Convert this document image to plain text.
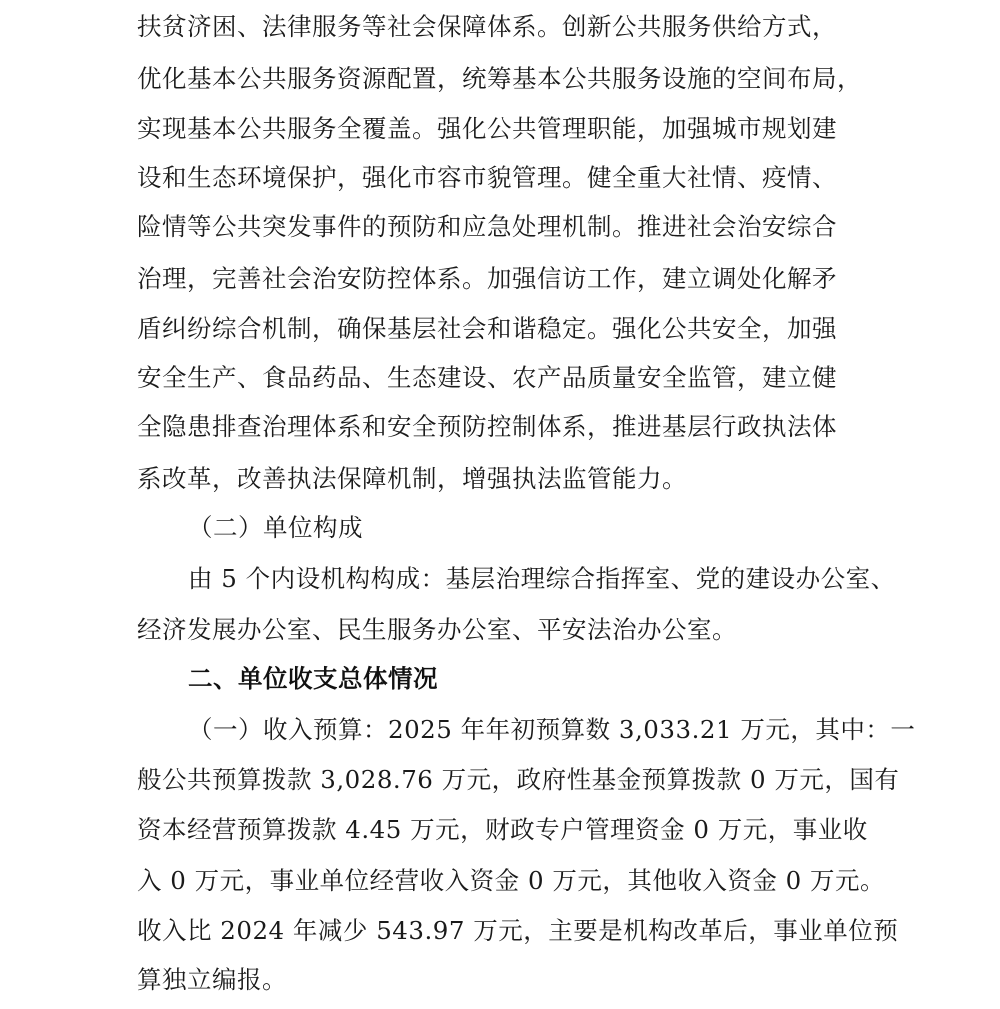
扶贫济困、法律服务等社会保障体系。创新公共服务供给方式，
优化基本公共服务资源配置，统筹基本公共服务设施的空间布局，
实现基本公共服务全覆盖。强化公共管理职能，加强城市规划建
设和生态环境保护，强化市容市貌管理。健全重大社情、疫情、
险情等公共突发事件的预防和应急处理机制。推进社会治安综合
治理，完善社会治安防控体系。加强信访工作，建立调处化解矛
盾纠纷综合机制，确保基层社会和谐稳定。强化公共安全，加强
安全生产、食品药品、生态建设、农产品质量安全监管，建立健
全隐患排查治理体系和安全预防控制体系，推进基层行政执法体
系改革，改善执法保障机制，增强执法监管能力。
（二）单位构成
由 5 个内设机构构成：基层治理综合指挥室、党的建设办公室、
经济发展办公室、民生服务办公室、平安法治办公室。
二、单位收支总体情况
（一）收入预算：2025 年年初预算数 3,033.21 万元，其中：一
般公共预算拨款 3,028.76 万元，政府性基金预算拨款 0 万元，国有
资本经营预算拨款 4.45 万元，财政专户管理资金 0 万元，事业收
入 0 万元，事业单位经营收入资金 0 万元，其他收入资金 0 万元。
收入比 2024 年减少 543.97 万元，主要是机构改革后，事业单位预
算独立编报。
